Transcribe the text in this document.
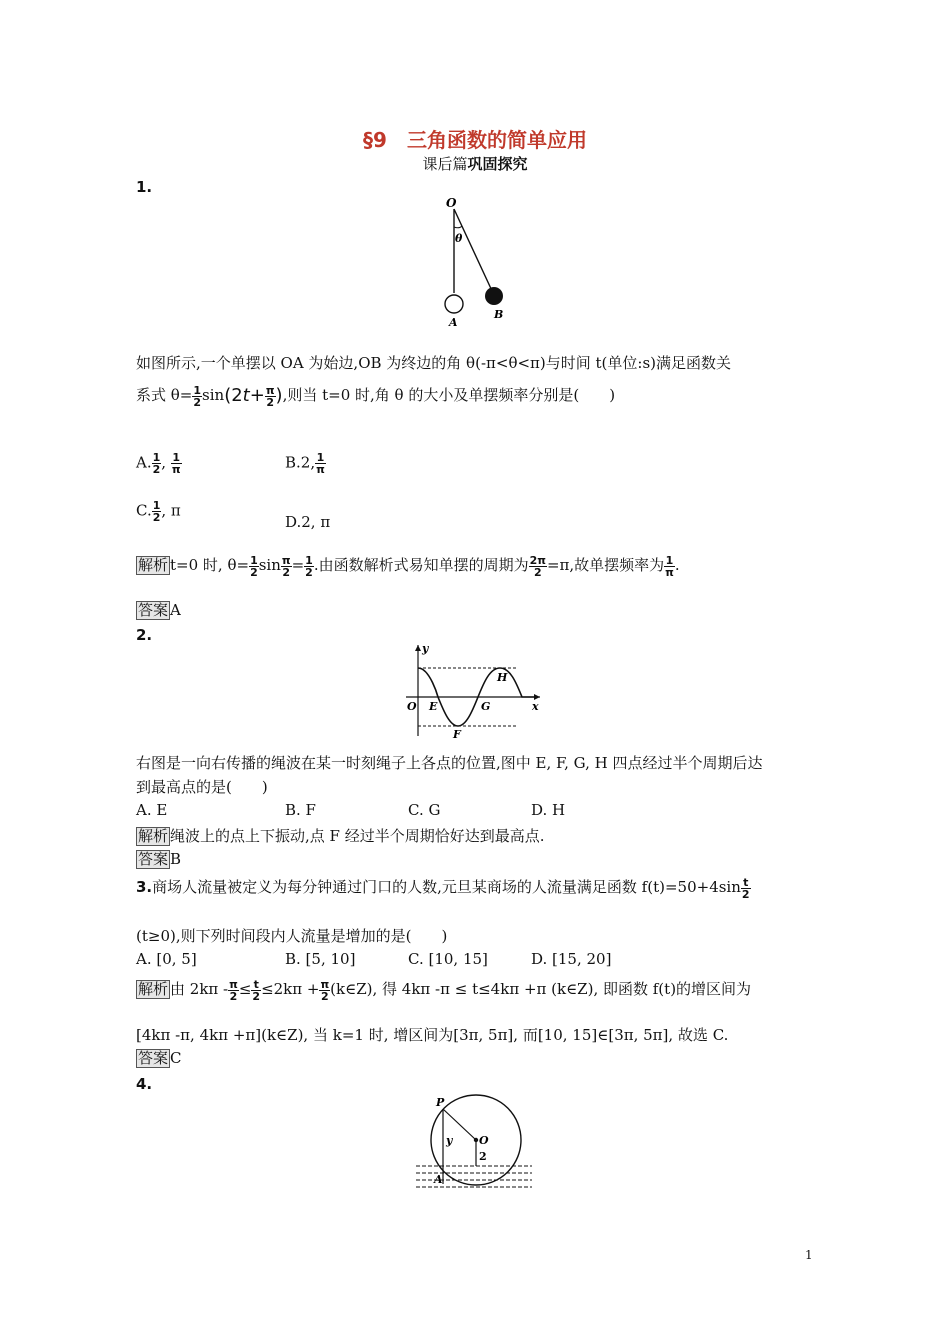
§9　三角函数的简单应用
课后篇巩固探究
1.
O
θ
A
B
如图所示,一个单摆以 OA 为始边,OB 为终边的角 θ(-π<θ<π)与时间 t(单位:s)满足函数关
系式 $\theta= \frac{1}{2} \sin(2t+ \frac{\pi}{2}$ ),则当 t=0 时,角 θ 的大小及单摆频率分别是(　　)
A. $\frac{1}{2}$ , $\frac{1}{\pi}$	B.2, $\frac{1}{\pi}$
C. $\frac{1}{2}$ , π
D.2, π
解析 t=0 时, $\theta= \frac{1}{2}$ $\sin \frac{\pi}{2} = \frac{1}{2}$ .由函数解析式易知单摆的周期为 $\frac{2\pi}{2} =\pi$,故单摆频率为 $\frac{1}{\pi}$ .
答案 A
2.
y
O E
F
G
H
x
右图是一向右传播的绳波在某一时刻绳子上各点的位置,图中 E, F, G, H 四点经过半个周期后达
到最高点的是(　　)
A. E	B. F	C. G	D. H
解析 绳波上的点上下振动,点 F 经过半个周期恰好达到最高点.
答案 B
3.商场人流量被定义为每分钟通过门口的人数,元旦某商场的人流量满足函数 $f(t)=50+4\sin \frac{t}{2}$
(t≥0),则下列时间段内人流量是增加的是(　　)
A. [0, 5]	B. [5, 10]	C. [10, 15]	D. [15, 20]
解析 由 $2k\pi - \frac{\pi}{2} \le \frac{t}{2} \le 2k\pi + \frac{\pi}{2}$ (k∈Z), 得 4kπ -π ≤ t≤4kπ +π (k∈Z), 即函数 f(t)的增区间为
[4kπ -π, 4kπ +π](k∈Z), 当 k=1 时, 增区间为[3π, 5π], 而[10, 15]∈[3π, 5π], 故选 C.
答案 C
4.
P
y O
2
A
1
